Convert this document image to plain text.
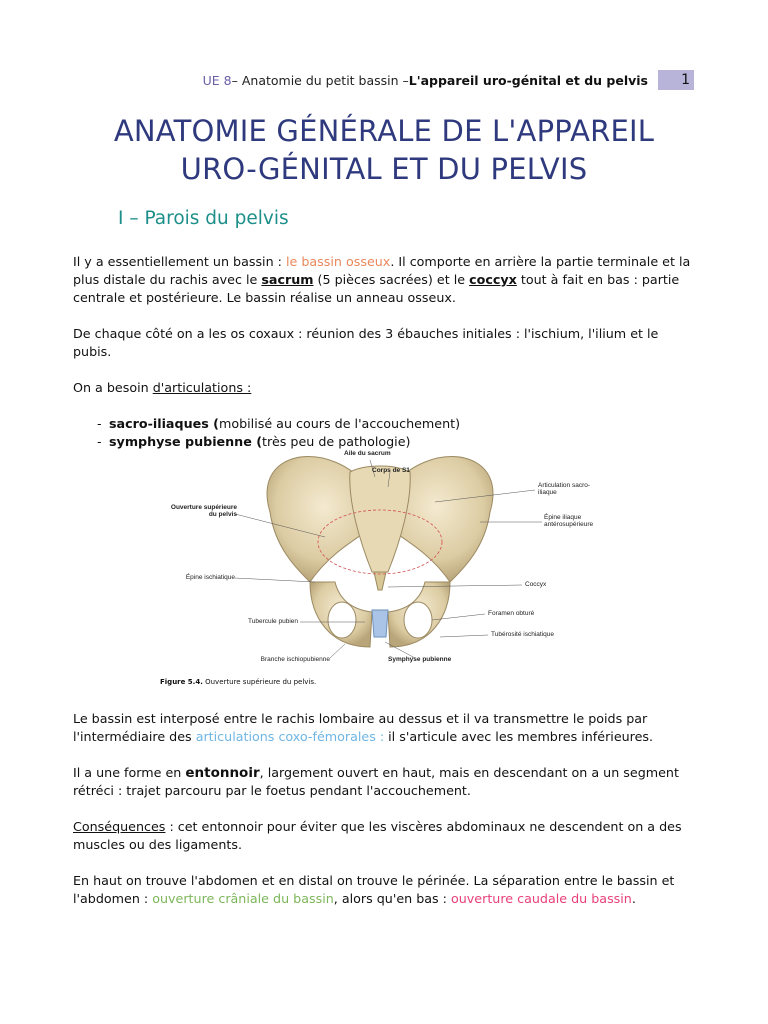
UE 8 – Anatomie du petit bassin – L'appareil uro-génital et du pelvis	1
ANATOMIE GÉNÉRALE DE L'APPAREIL
URO-GÉNITAL ET DU PELVIS
I – Parois du pelvis

Il y a essentiellement un bassin : le bassin osseux. Il comporte en arrière la partie terminale et la plus distale du rachis avec le sacrum (5 pièces sacrées) et le coccyx tout à fait en bas : partie centrale et postérieure. Le bassin réalise un anneau osseux.

De chaque côté on a les os coxaux : réunion des 3 ébauches initiales : l'ischium, l'ilium et le pubis.

On a besoin d'articulations :

- sacro-iliaques (mobilisé au cours de l'accouchement)
- symphyse pubienne (très peu de pathologie)
Aile du sacrum
Corps de S1
Articulation sacro-iliaque
Épine iliaque antérosupérieure
Ouverture supérieure du pelvis
Épine ischiatique
Coccyx
Foramen obturé
Tubercule pubien
Tubérosité ischiatique
Branche ischiopubienne	Symphyse pubienne
Figure 5.4. Ouverture supérieure du pelvis.

Le bassin est interposé entre le rachis lombaire au dessus et il va transmettre le poids par l'intermédiaire des articulations coxo-fémorales : il s'articule avec les membres inférieures.

Il a une forme en entonnoir, largement ouvert en haut, mais en descendant on a un segment rétréci : trajet parcouru par le foetus pendant l'accouchement.

Conséquences : cet entonnoir pour éviter que les viscères abdominaux ne descendent on a des muscles ou des ligaments.

En haut on trouve l'abdomen et en distal on trouve le périnée. La séparation entre le bassin et l'abdomen : ouverture crâniale du bassin, alors qu'en bas : ouverture caudale du bassin.
